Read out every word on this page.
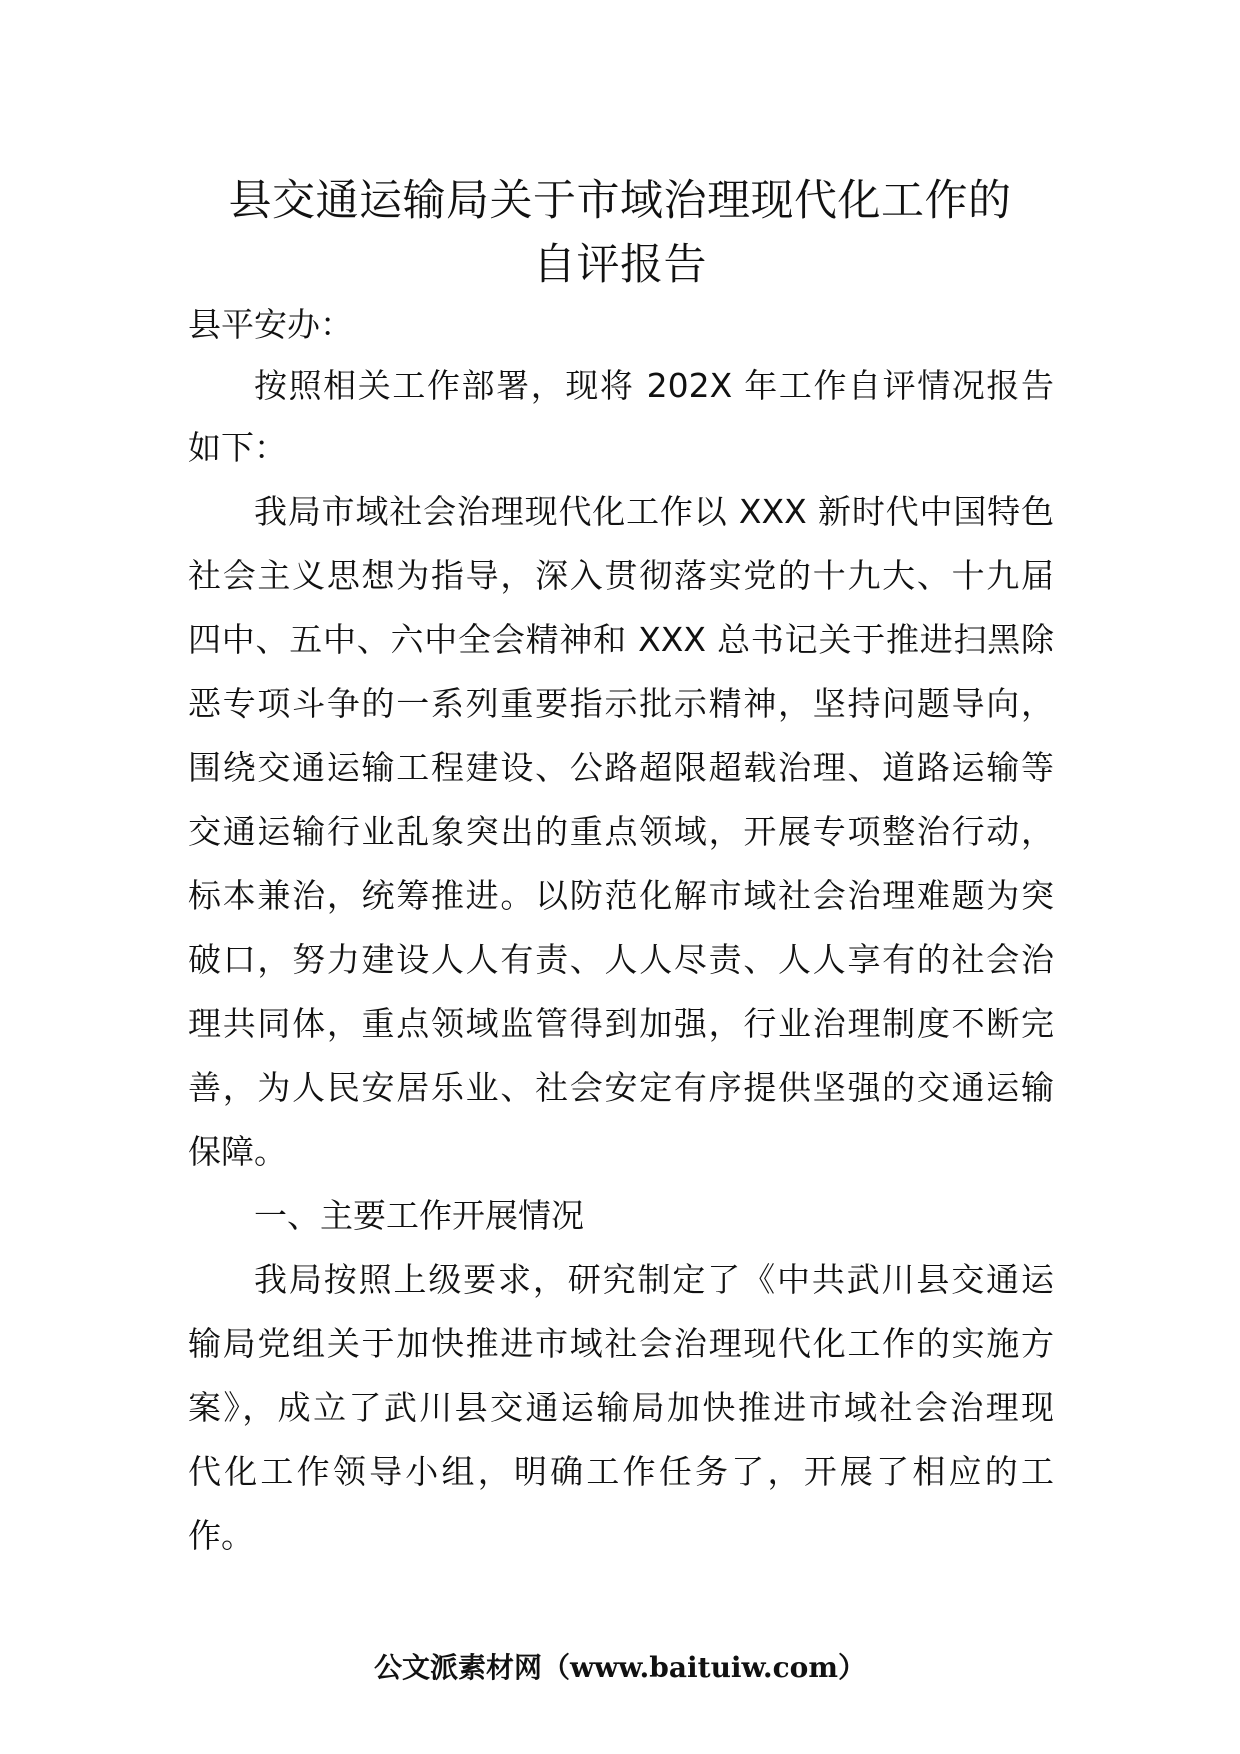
县交通运输局关于市域治理现代化工作的
自评报告
县平安办：
按照相关工作部署，现将 202X 年工作自评情况报告
如下：
我局市域社会治理现代化工作以 XXX 新时代中国特色
社会主义思想为指导，深入贯彻落实党的十九大、十九届
四中、五中、六中全会精神和 XXX 总书记关于推进扫黑除
恶专项斗争的一系列重要指示批示精神，坚持问题导向，
围绕交通运输工程建设、公路超限超载治理、道路运输等
交通运输行业乱象突出的重点领域，开展专项整治行动，
标本兼治，统筹推进。以防范化解市域社会治理难题为突
破口，努力建设人人有责、人人尽责、人人享有的社会治
理共同体，重点领域监管得到加强，行业治理制度不断完
善，为人民安居乐业、社会安定有序提供坚强的交通运输
保障。
一、主要工作开展情况
我局按照上级要求，研究制定了《中共武川县交通运
输局党组关于加快推进市域社会治理现代化工作的实施方
案》，成立了武川县交通运输局加快推进市域社会治理现
代化工作领导小组，明确工作任务了，开展了相应的工
作。
公文派素材网（www.baituiw.com）
